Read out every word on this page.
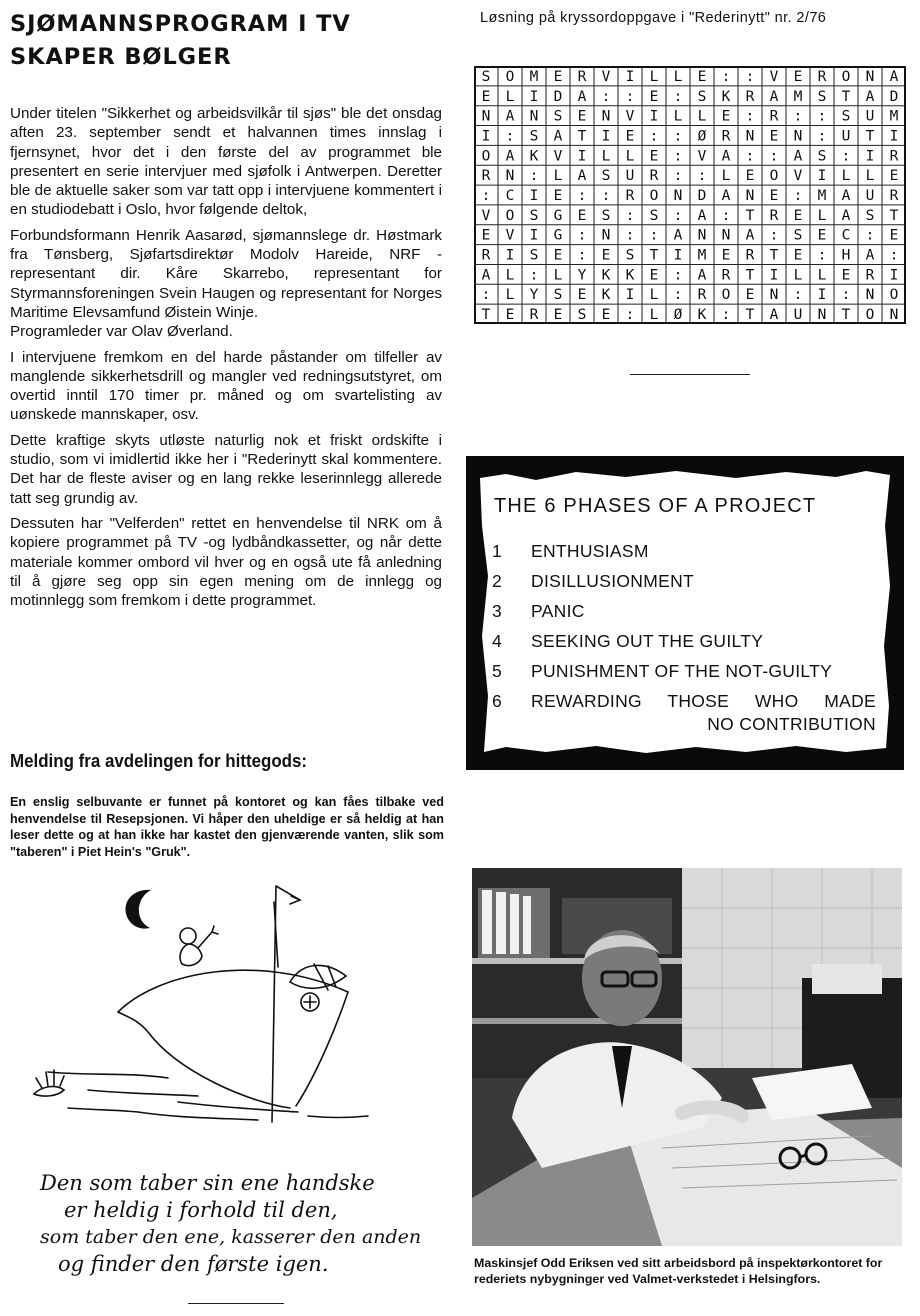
SJØMANNSPROGRAM I TV SKAPER BØLGER

Under titelen "Sikkerhet og arbeidsvilkår til sjøs" ble det onsdag aften 23. september sendt et halvannen times innslag i fjernsynet, hvor det i den første del av programmet ble presentert en serie intervjuer med sjøfolk i Antwerpen. Deretter ble de aktuelle saker som var tatt opp i intervjuene kommentert i en studiodebatt i Oslo, hvor følgende deltok,

Forbundsformann Henrik Aasarød, sjømannslege dr. Høstmark fra Tønsberg, Sjøfartsdirektør Modolv Hareide, NRF -representant dir. Kåre Skarrebo, representant for Styrmannsforeningen Svein Haugen og representant for Norges Maritime Elevsamfund Øistein Winje.

Programleder var Olav Øverland.

I intervjuene fremkom en del harde påstander om tilfeller av manglende sikkerhetsdrill og mangler ved redningsutstyret, om overtid inntil 170 timer pr. måned og om svartelisting av uønskede mannskaper, osv.

Dette kraftige skyts utløste naturlig nok et friskt ordskifte i studio, som vi imidlertid ikke her i "Rederinytt skal kommentere. Det har de fleste aviser og en lang rekke leserinnlegg allerede tatt seg grundig av.

Dessuten har "Velferden" rettet en henvendelse til NRK om å kopiere programmet på TV -og lydbåndkassetter, og når dette materiale kommer ombord vil hver og en også ute få anledning til å gjøre seg opp sin egen mening om de innlegg og motinnlegg som fremkom i dette programmet.

Melding fra avdelingen for hittegods:
En enslig selbuvante er funnet på kontoret og kan fåes tilbake ved henvendelse til Resepsjonen. Vi håper den uheldige er så heldig at han leser dette og at han ikke har kastet den gjenværende vanten, slik som "taberen" i Piet Hein's "Gruk".
Den som taber sin ene handske
er heldig i forhold til den,
som taber den ene, kasserer den anden
og finder den første igen.
Løsning på kryssordoppgave i "Rederinytt" nr. 2/76
S O M E R V I L L E : : V E R O N A
E L I D A : : E : S K R A M S T A D
N A N S E N V I L L E : R : : S U M
I : S A T I E : : Ø R N E N : U T I
O A K V I L L E : V A : : A S : I R
R N : L A S U R : : L E O V I L L E
: C I E : : R O N D A N E : M A U R
V O S G E S : S : A : T R E L A S T
E V I G : N : : A N N A : S E C : E
R I S E : E S T I M E R T E : H A :
A L : L Y K K E : A R T I L L E R I
: L Y S E K I L : R O E N : I : N O
T E R E S E : L Ø K : T A U N T O N
THE 6 PHASES OF A PROJECT
1 ENTHUSIASM
2 DISILLUSIONMENT
3 PANIC
4 SEEKING OUT THE GUILTY
5 PUNISHMENT OF THE NOT-GUILTY
6 REWARDING THOSE WHO MADE
NO CONTRIBUTION
Maskinsjef Odd Eriksen ved sitt arbeidsbord på inspektørkontoret for rederiets nybygninger ved Valmet-verkstedet i Helsingfors.
